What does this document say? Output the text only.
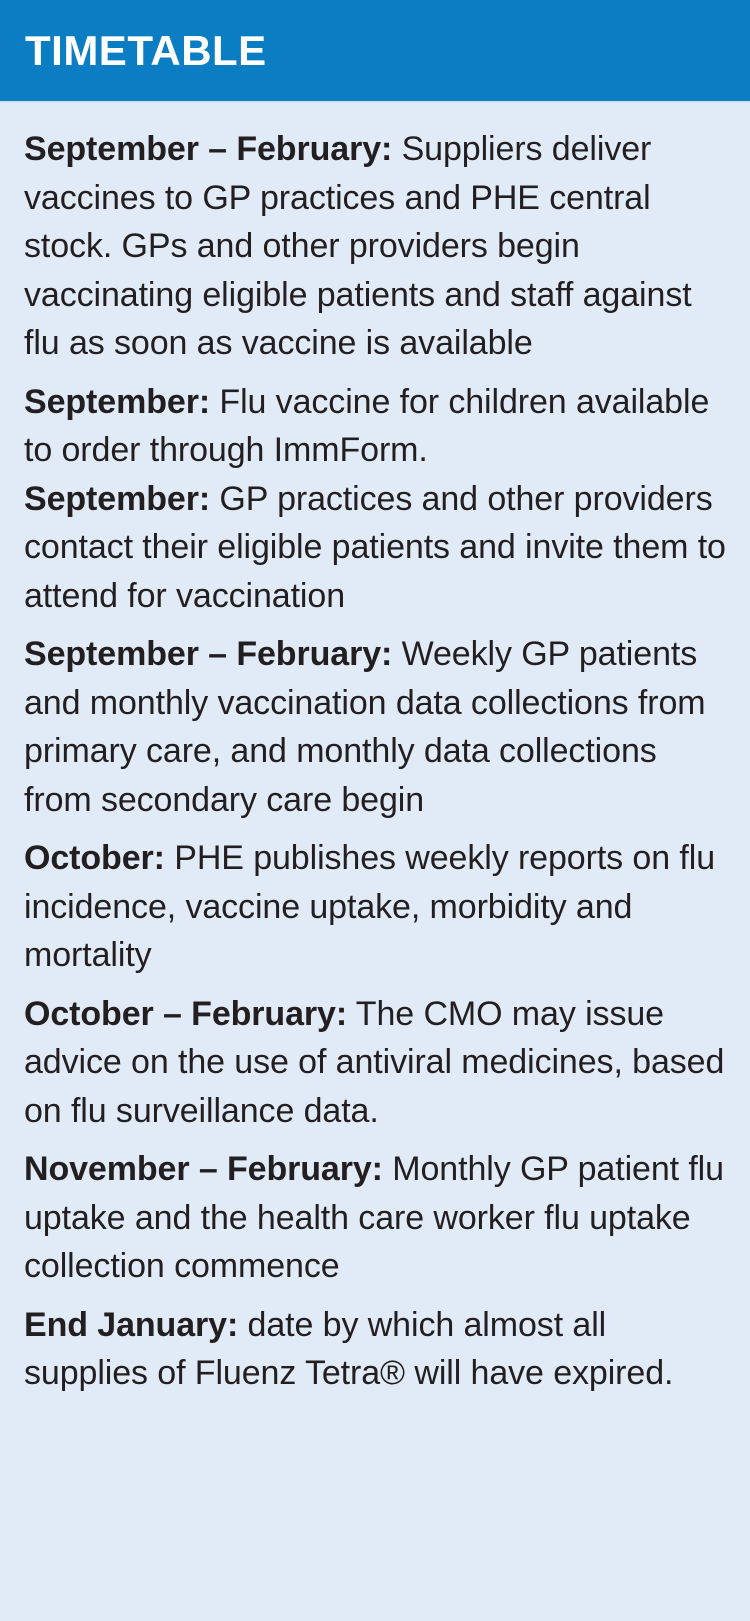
TIMETABLE

September – February: Suppliers deliver vaccines to GP practices and PHE central stock. GPs and other providers begin vaccinating eligible patients and staff against flu as soon as vaccine is available

September: Flu vaccine for children available to order through ImmForm.

September: GP practices and other providers contact their eligible patients and invite them to attend for vaccination

September – February: Weekly GP patients and monthly vaccination data collections from primary care, and monthly data collections from secondary care begin

October: PHE publishes weekly reports on flu incidence, vaccine uptake, morbidity and mortality

October – February: The CMO may issue advice on the use of antiviral medicines, based on flu surveillance data.

November – February: Monthly GP patient flu uptake and the health care worker flu uptake collection commence

End January: date by which almost all supplies of Fluenz Tetra® will have expired.
